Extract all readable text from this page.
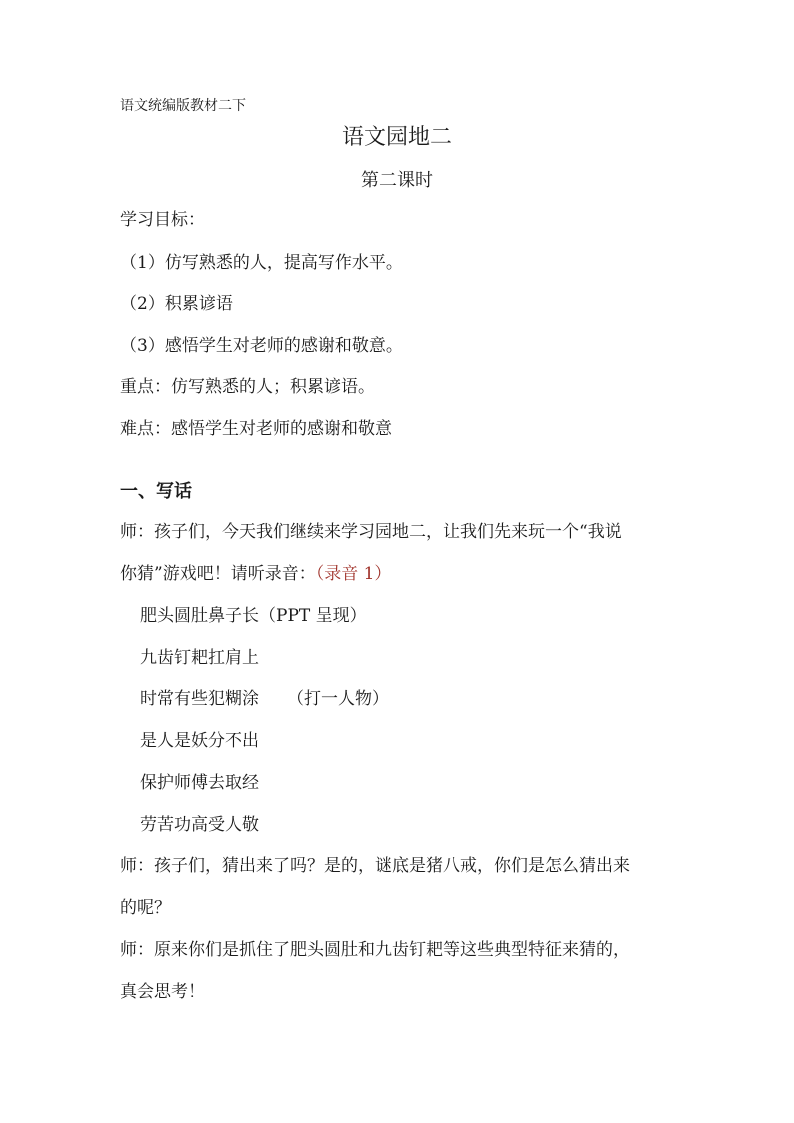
语文统编版教材二下
语文园地二
第二课时
学习目标：
（1）仿写熟悉的人，提高写作水平。
（2）积累谚语
（3）感悟学生对老师的感谢和敬意。
重点：仿写熟悉的人；积累谚语。
难点：感悟学生对老师的感谢和敬意
一、写话
师：孩子们，今天我们继续来学习园地二，让我们先来玩一个“我说
你猜”游戏吧！请听录音：（录音 1）
肥头圆肚鼻子长（PPT 呈现）
九齿钉耙扛肩上
时常有些犯糊涂 （打一人物）
是人是妖分不出
保护师傅去取经
劳苦功高受人敬
师：孩子们，猜出来了吗？是的，谜底是猪八戒，你们是怎么猜出来
的呢？
师：原来你们是抓住了肥头圆肚和九齿钉耙等这些典型特征来猜的，
真会思考！
